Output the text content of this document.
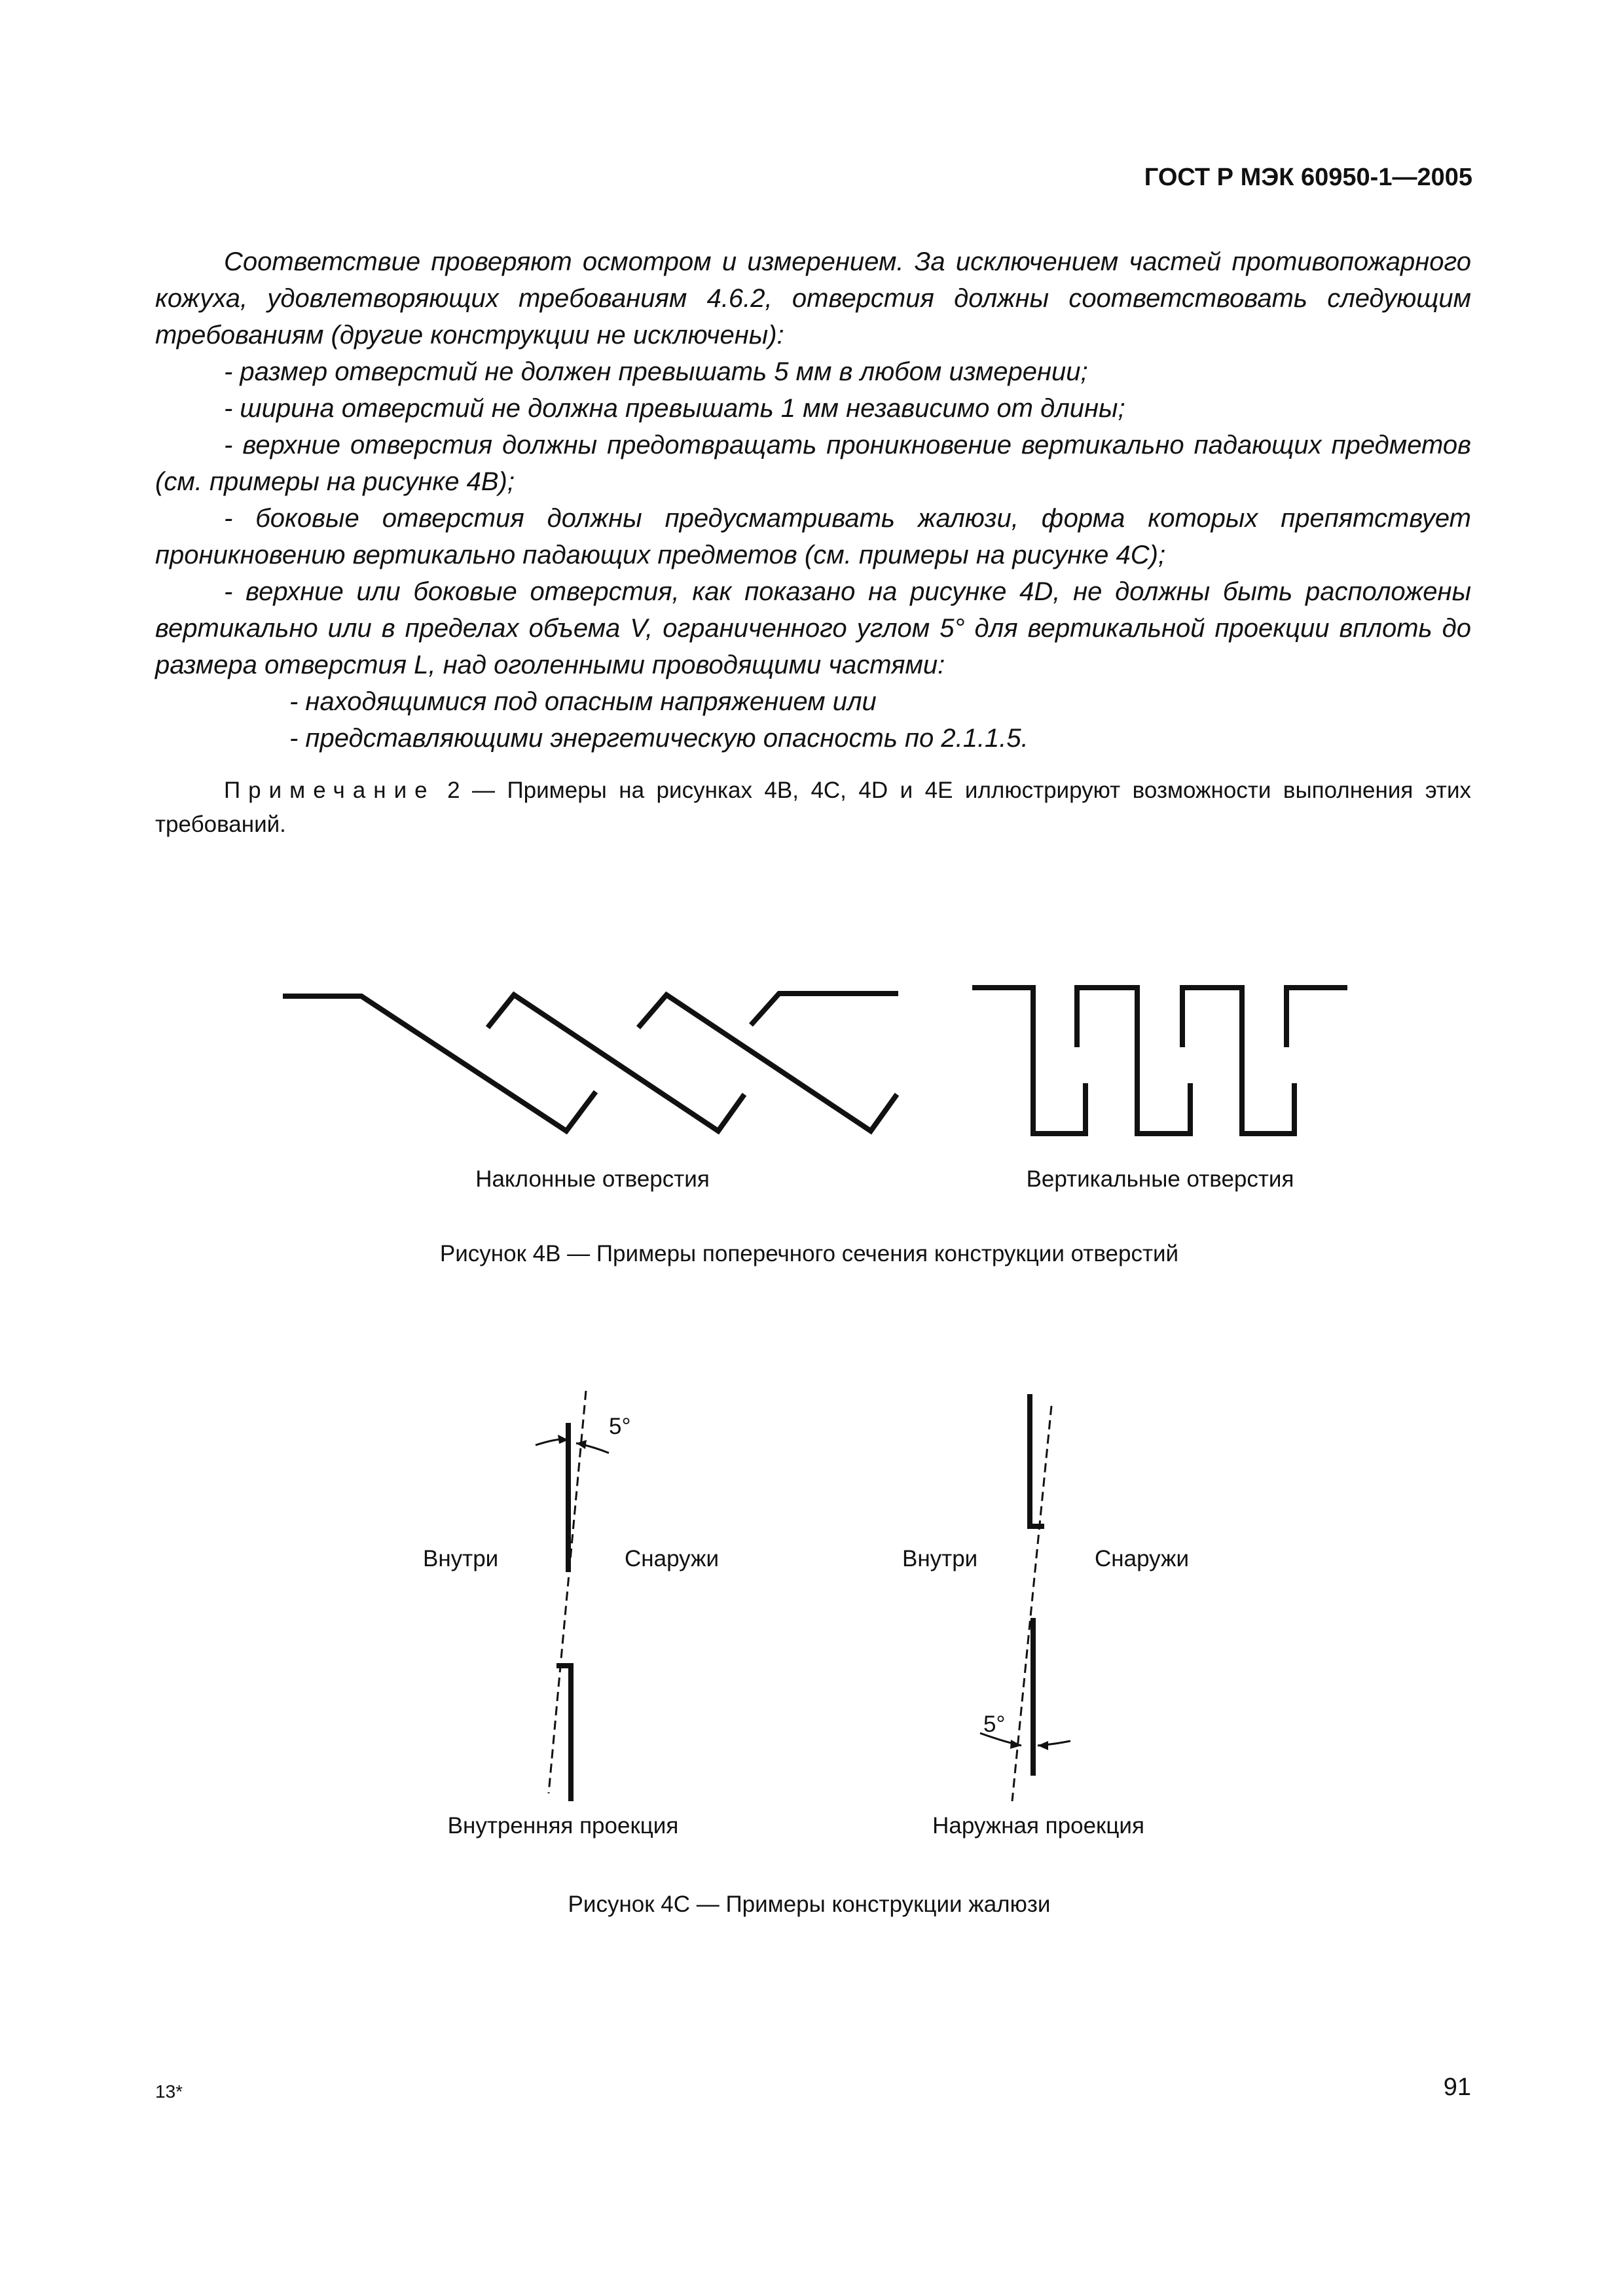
ГОСТ Р МЭК 60950-1—2005

Соответствие проверяют осмотром и измерением. За исключением частей противопожарного кожуха, удовлетворяющих требованиям 4.6.2, отверстия должны соответствовать следующим требованиям (другие конструкции не исключены):

- размер отверстий не должен превышать 5 мм в любом измерении;

- ширина отверстий не должна превышать 1 мм независимо от длины;

- верхние отверстия должны предотвращать проникновение вертикально падающих предметов (см. примеры на рисунке 4В);

- боковые отверстия должны предусматривать жалюзи, форма которых препятствует проникновению вертикально падающих предметов (см. примеры на рисунке 4С);

- верхние или боковые отверстия, как показано на рисунке 4D, не должны быть расположены вертикально или в пределах объема V, ограниченного углом 5° для вертикальной проекции вплоть до размера отверстия L, над оголенными проводящими частями:

- находящимися под опасным напряжением или

- представляющими энергетическую опасность по 2.1.1.5.

Примечание 2 — Примеры на рисунках 4В, 4С, 4D и 4Е иллюстрируют возможности выполнения этих требований.

Наклонные отверстия	Вертикальные отверстия
Рисунок 4В — Примеры поперечного сечения конструкции отверстий
5°
Внутри	Снаружи	Внутри	Снаружи
5°
Внутренняя проекция	Наружная проекция
Рисунок 4С — Примеры конструкции жалюзи
13*	91
